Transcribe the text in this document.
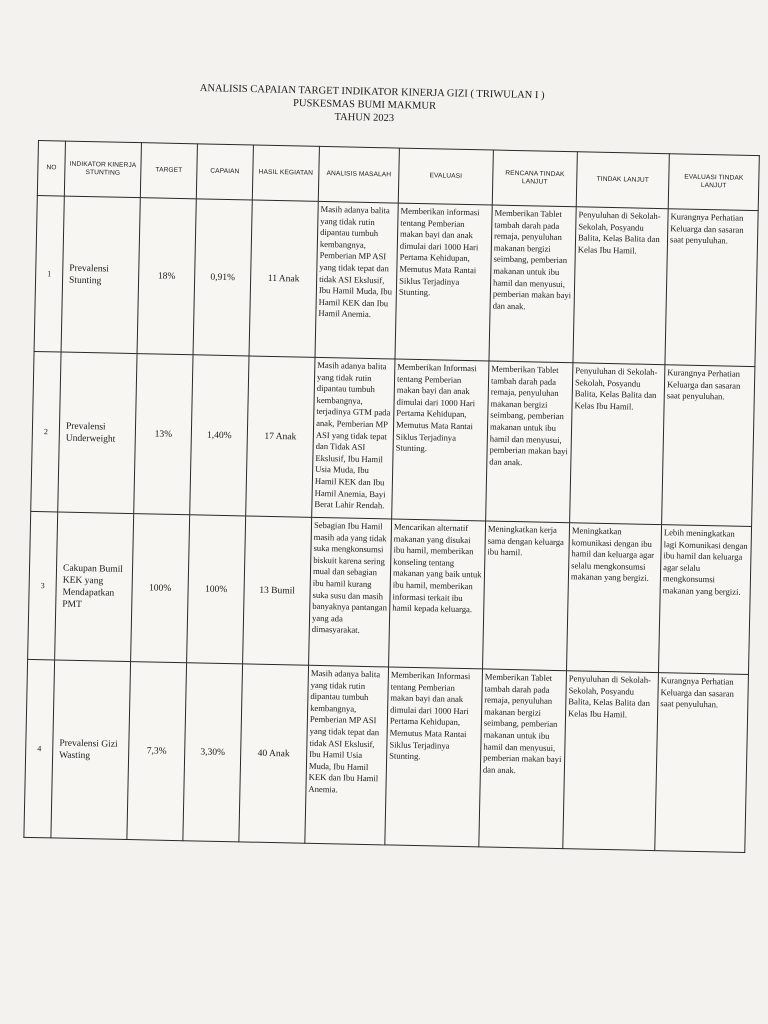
ANALISIS CAPAIAN TARGET INDIKATOR KINERJA GIZI ( TRIWULAN I )
PUSKESMAS BUMI MAKMUR
TAHUN 2023
NO	INDIKATOR KINERJA STUNTING	TARGET	CAPAIAN	HASIL KEGIATAN	ANALISIS MASALAH	EVALUASI	RENCANA TINDAK LANJUT	TINDAK LANJUT	EVALUASI TINDAK LANJUT
1	Prevalensi Stunting	18%	0,91%	11 Anak	Masih adanya balita yang tidak rutin dipantau tumbuh kembangnya, Pemberian MP ASI yang tidak tepat dan tidak ASI Ekslusif, Ibu Hamil Muda, Ibu Hamil KEK dan Ibu Hamil Anemia.	Memberikan informasi tentang Pemberian makan bayi dan anak dimulai dari 1000 Hari Pertama Kehidupan, Memutus Mata Rantai Siklus Terjadinya Stunting.	Memberikan Tablet tambah darah pada remaja, penyuluhan makanan bergizi seimbang, pemberian makanan untuk ibu hamil dan menyusui, pemberian makan bayi dan anak.	Penyuluhan di Sekolah-Sekolah, Posyandu Balita, Kelas Balita dan Kelas Ibu Hamil.	Kurangnya Perhatian Keluarga dan sasaran saat penyuluhan.
2	Prevalensi Underweight	13%	1,40%	17 Anak	Masih adanya balita yang tidak rutin dipantau tumbuh kembangnya, terjadinya GTM pada anak, Pemberian MP ASI yang tidak tepat dan Tidak ASI Ekslusif, Ibu Hamil Usia Muda, Ibu Hamil KEK dan Ibu Hamil Anemia, Bayi Berat Lahir Rendah.	Memberikan Informasi tentang Pemberian makan bayi dan anak dimulai dari 1000 Hari Pertama Kehidupan, Memutus Mata Rantai Siklus Terjadinya Stunting.	Memberikan Tablet tambah darah pada remaja, penyuluhan makanan bergizi seimbang, pemberian makanan untuk ibu hamil dan menyusui, pemberian makan bayi dan anak.	Penyuluhan di Sekolah-Sekolah, Posyandu Balita, Kelas Balita dan Kelas Ibu Hamil.	Kurangnya Perhatian Keluarga dan sasaran saat penyuluhan.
3	Cakupan Bumil KEK yang Mendapatkan PMT	100%	100%	13 Bumil	Sebagian Ibu Hamil masih ada yang tidak suka mengkonsumsi biskuit karena sering mual dan sebagian ibu hamil kurang suka susu dan masih banyaknya pantangan yang ada dimasyarakat.	Mencarikan alternatif makanan yang disukai ibu hamil, memberikan konseling tentang makanan yang baik untuk ibu hamil, memberikan informasi terkait ibu hamil kepada keluarga.	Meningkatkan kerja sama dengan keluarga ibu hamil.	Meningkatkan komunikasi dengan ibu hamil dan keluarga agar selalu mengkonsumsi makanan yang bergizi.	Lebih meningkatkan lagi Komunikasi dengan ibu hamil dan keluarga agar selalu mengkonsumsi makanan yang bergizi.
4	Prevalensi Gizi Wasting	7,3%	3,30%	40 Anak	Masih adanya balita yang tidak rutin dipantau tumbuh kembangnya, Pemberian MP ASI yang tidak tepat dan tidak ASI Ekslusif, Ibu Hamil Usia Muda, Ibu Hamil KEK dan Ibu Hamil Anemia.	Memberikan Informasi tentang Pemberian makan bayi dan anak dimulai dari 1000 Hari Pertama Kehidupan, Memutus Mata Rantai Siklus Terjadinya Stunting.	Memberikan Tablet tambah darah pada remaja, penyuluhan makanan bergizi seimbang, pemberian makanan untuk ibu hamil dan menyusui, pemberian makan bayi dan anak.	Penyuluhan di Sekolah-Sekolah, Posyandu Balita, Kelas Balita dan Kelas Ibu Hamil.	Kurangnya Perhatian Keluarga dan sasaran saat penyuluhan.
